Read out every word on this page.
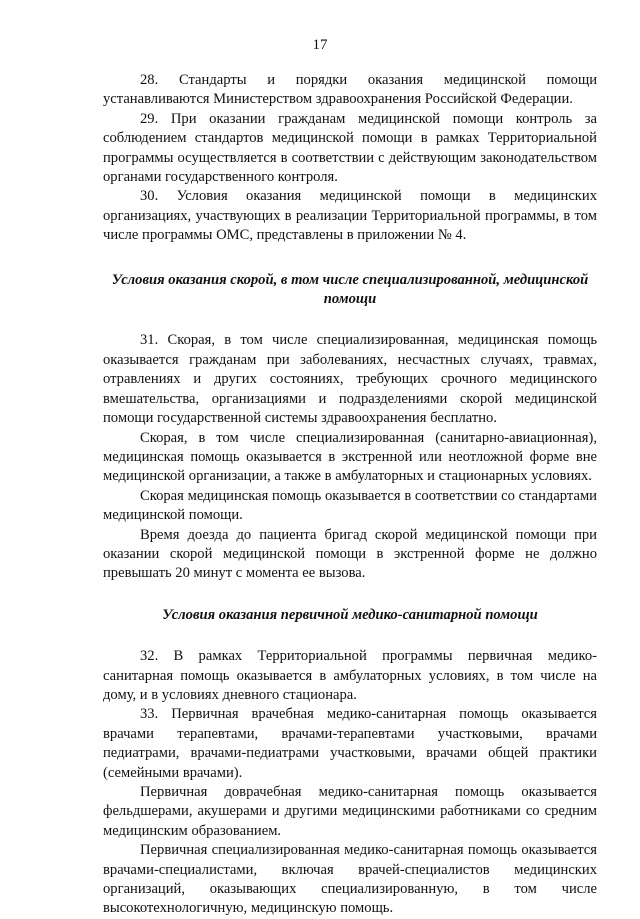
17

28. Стандарты и порядки оказания медицинской помощи устанавливаются Министерством здравоохранения Российской Федерации.

29. При оказании гражданам медицинской помощи контроль за соблюдением стандартов медицинской помощи в рамках Территориальной программы осуществляется в соответствии с действующим законодательством органами государственного контроля.

30. Условия оказания медицинской помощи в медицинских организациях, участвующих в реализации Территориальной программы, в том числе программы ОМС, представлены в приложении № 4.

Условия оказания скорой, в том числе специализированной, медицинской помощи

31. Скорая, в том числе специализированная, медицинская помощь оказывается гражданам при заболеваниях, несчастных случаях, травмах, отравлениях и других состояниях, требующих срочного медицинского вмешательства, организациями и подразделениями скорой медицинской помощи государственной системы здравоохранения бесплатно.

Скорая, в том числе специализированная (санитарно-авиационная), медицинская помощь оказывается в экстренной или неотложной форме вне медицинской организации, а также в амбулаторных и стационарных условиях.

Скорая медицинская помощь оказывается в соответствии со стандартами медицинской помощи.

Время доезда до пациента бригад скорой медицинской помощи при оказании скорой медицинской помощи в экстренной форме не должно превышать 20 минут с момента ее вызова.

Условия оказания первичной медико-санитарной помощи

32. В рамках Территориальной программы первичная медико-санитарная помощь оказывается в амбулаторных условиях, в том числе на дому, и в условиях дневного стационара.

33. Первичная врачебная медико-санитарная помощь оказывается врачами терапевтами, врачами-терапевтами участковыми, врачами педиатрами, врачами-педиатрами участковыми, врачами общей практики (семейными врачами).

Первичная доврачебная медико-санитарная помощь оказывается фельдшерами, акушерами и другими медицинскими работниками со средним медицинским образованием.

Первичная специализированная медико-санитарная помощь оказывается врачами-специалистами, включая врачей-специалистов медицинских организаций, оказывающих специализированную, в том числе высокотехнологичную, медицинскую помощь.
